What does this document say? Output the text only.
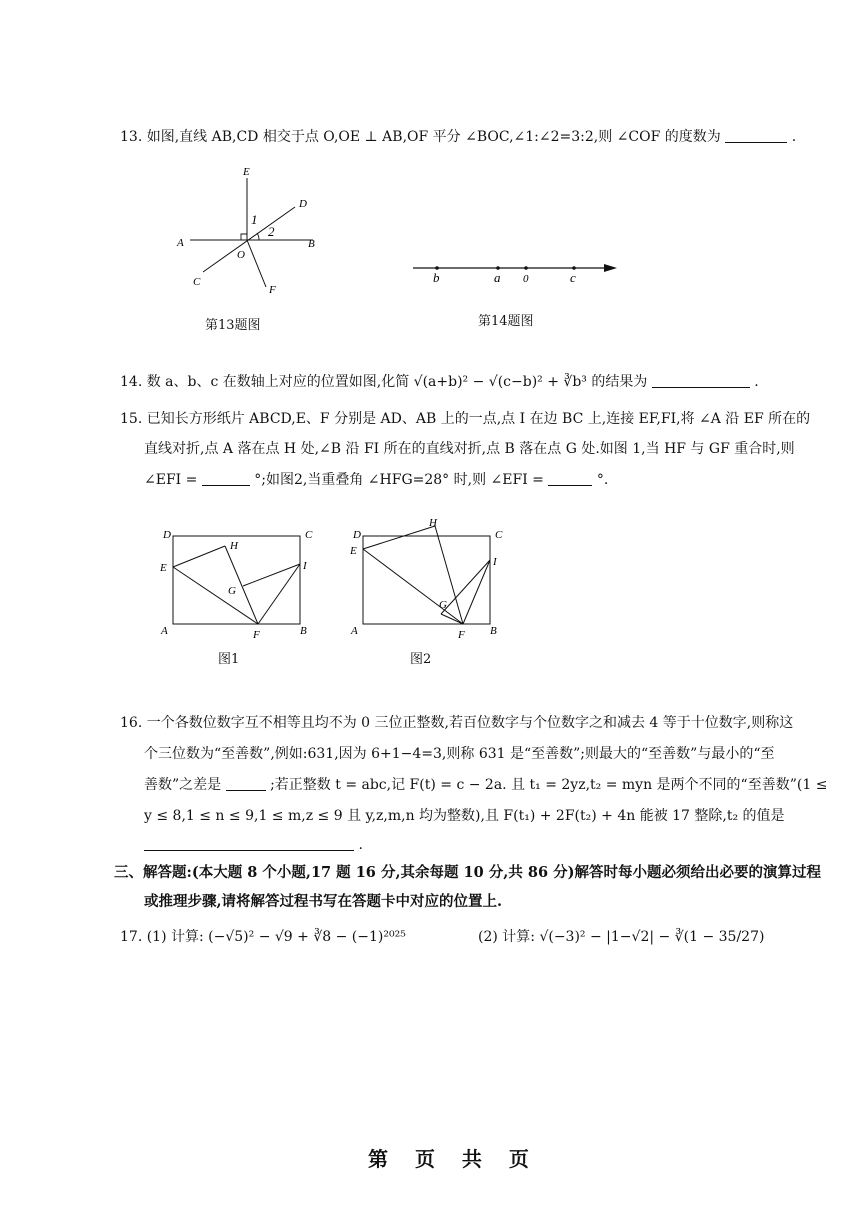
13. 如图,直线 AB,CD 相交于点 O,OE ⊥ AB,OF 平分 ∠BOC,∠1:∠2=3:2,则 ∠COF 的度数为	.
E
D
A	B
O
C
F
1
2
第13题图
b	a 0	c
第14题图
14. 数 a、b、c 在数轴上对应的位置如图,化简 √(a+b)² − √(c−b)² + ∛b³ 的结果为	.
15. 已知长方形纸片 ABCD,E、F 分别是 AD、AB 上的一点,点 I 在边 BC 上,连接 EF,FI,将 ∠A 沿 EF 所在的
直线对折,点 A 落在点 H 处,∠B 沿 FI 所在的直线对折,点 B 落在点 G 处.如图 1,当 HF 与 GF 重合时,则
∠EFI =	°;如图2,当重叠角 ∠HFG=28° 时,则 ∠EFI =	°.
D	C
E
H
I
G
A	F	B
图1
D	C
E
H
I
G
A	F B
图2
16. 一个各数位数字互不相等且均不为 0 三位正整数,若百位数字与个位数字之和减去 4 等于十位数字,则称这
个三位数为“至善数”,例如:631,因为 6+1−4=3,则称 631 是“至善数”;则最大的“至善数”与最小的“至
善数”之差是	;若正整数 t = abc,记 F(t) = c − 2a. 且 t₁ = 2yz,t₂ = myn 是两个不同的“至善数”(1 ≤
y ≤ 8,1 ≤ n ≤ 9,1 ≤ m,z ≤ 9 且 y,z,m,n 均为整数),且 F(t₁) + 2F(t₂) + 4n 能被 17 整除,t₂ 的值是
.
三、解答题:(本大题 8 个小题,17 题 16 分,其余每题 10 分,共 86 分)解答时每小题必须给出必要的演算过程
或推理步骤,请将解答过程书写在答题卡中对应的位置上.
17. (1) 计算: (−√5)² − √9 + ∛8 − (−1)²⁰²⁵	(2) 计算: √(−3)² − |1−√2| − ∛(1 − 35/27)
第 页 共 页
